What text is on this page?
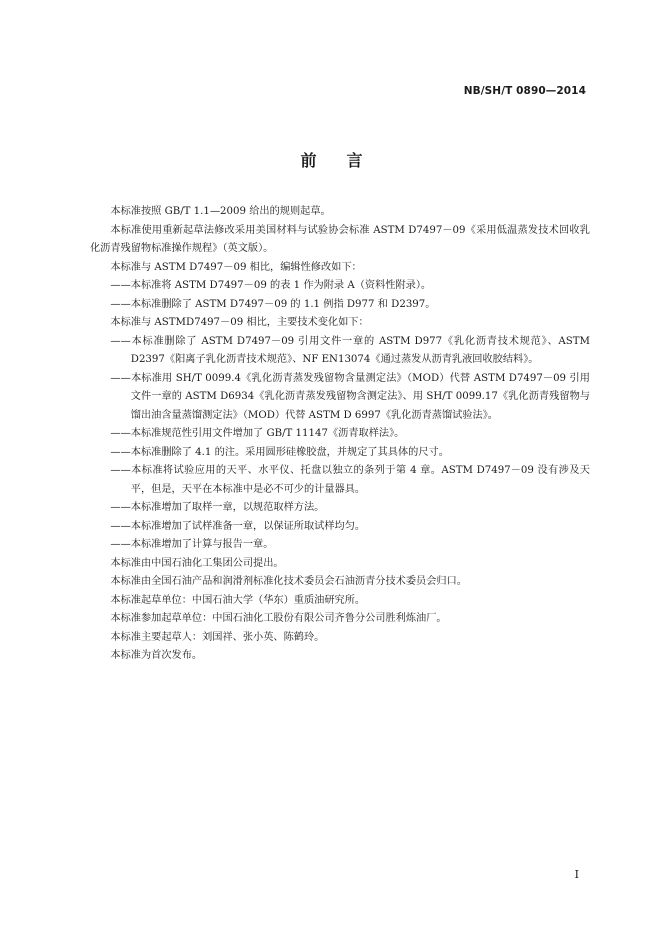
NB/SH/T 0890—2014
前言

本标准按照 GB/T 1.1—2009 给出的规则起草。

本标准使用重新起草法修改采用美国材料与试验协会标准 ASTM D7497－09《采用低温蒸发技术回收乳化沥青残留物标准操作规程》（英文版）。

本标准与 ASTM D7497－09 相比，编辑性修改如下：

——本标准将 ASTM D7497－09 的表 1 作为附录 A（资料性附录）。

——本标准删除了 ASTM D7497－09 的 1.1 例指 D977 和 D2397。

本标准与 ASTMD7497－09 相比，主要技术变化如下：

——本标准删除了 ASTM D7497－09 引用文件一章的 ASTM D977《乳化沥青技术规范》、ASTM D2397《阳离子乳化沥青技术规范》、NF EN13074《通过蒸发从沥青乳液回收胶结料》。

——本标准用 SH/T 0099.4《乳化沥青蒸发残留物含量测定法》（MOD）代替 ASTM D7497－09 引用文件一章的 ASTM D6934《乳化沥青蒸发残留物含测定法》、用 SH/T 0099.17《乳化沥青残留物与馏出油含量蒸馏测定法》（MOD）代替 ASTM D 6997《乳化沥青蒸馏试验法》。

——本标准规范性引用文件增加了 GB/T 11147《沥青取样法》。

——本标准删除了 4.1 的注。采用圆形硅橡胶盘，并规定了其具体的尺寸。

——本标准将试验应用的天平、水平仪、托盘以独立的条列于第 4 章。ASTM D7497－09 没有涉及天平，但是，天平在本标准中是必不可少的计量器具。

——本标准增加了取样一章，以规范取样方法。

——本标准增加了试样准备一章，以保证所取试样均匀。

——本标准增加了计算与报告一章。

本标准由中国石油化工集团公司提出。

本标准由全国石油产品和润滑剂标准化技术委员会石油沥青分技术委员会归口。

本标准起草单位：中国石油大学（华东）重质油研究所。

本标准参加起草单位：中国石油化工股份有限公司齐鲁分公司胜利炼油厂。

本标准主要起草人：刘国祥、张小英、陈鹤玲。

本标准为首次发布。

I
